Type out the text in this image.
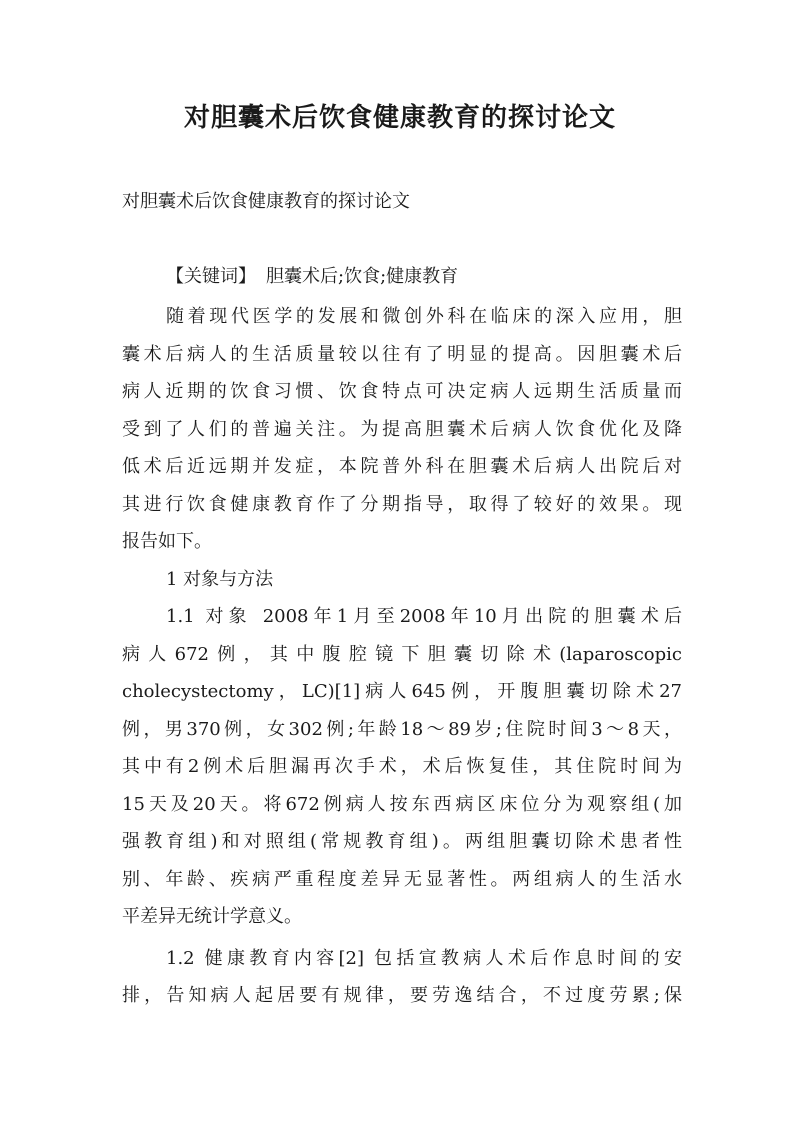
对胆囊术后饮食健康教育的探讨论文
对胆囊术后饮食健康教育的探讨论文
【关键词】 胆囊术后;饮食;健康教育
随着现代医学的发展和微创外科在临床的深入应用，胆
囊术后病人的生活质量较以往有了明显的提高。因胆囊术后
病人近期的饮食习惯、饮食特点可决定病人远期生活质量而
受到了人们的普遍关注。为提高胆囊术后病人饮食优化及降
低术后近远期并发症，本院普外科在胆囊术后病人出院后对
其进行饮食健康教育作了分期指导，取得了较好的效果。现
报告如下。
1 对象与方法
1.1 对象 2008年1月至2008年10月出院的胆囊术后
病人672例，其中腹腔镜下胆囊切除术(laparoscopic
cholecystectomy，LC)[1]病人645例，开腹胆囊切除术27
例，男370例，女302例;年龄18～89岁;住院时间3～8天，
其中有2例术后胆漏再次手术，术后恢复佳，其住院时间为
15天及20天。将672例病人按东西病区床位分为观察组(加
强教育组)和对照组(常规教育组)。两组胆囊切除术患者性
别、年龄、疾病严重程度差异无显著性。两组病人的生活水
平差异无统计学意义。
1.2 健康教育内容[2] 包括宣教病人术后作息时间的安
排，告知病人起居要有规律，要劳逸结合，不过度劳累;保
